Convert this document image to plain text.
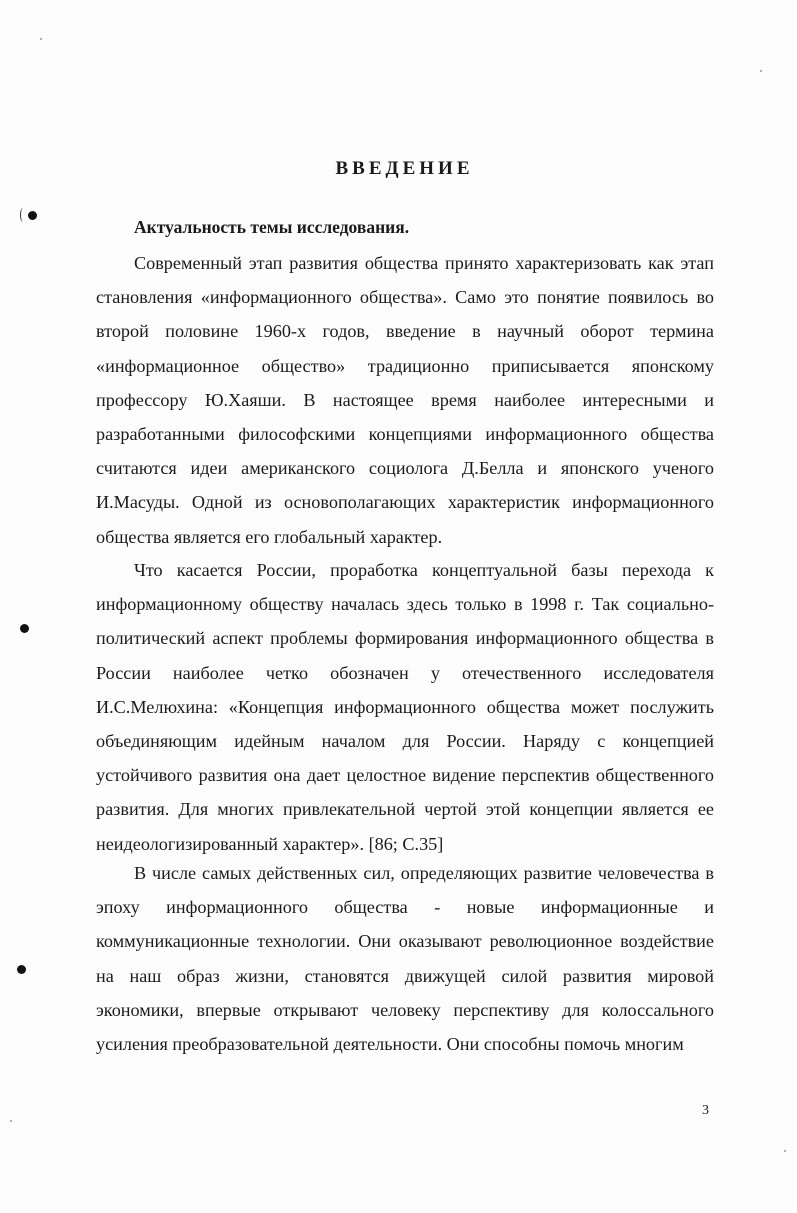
ВВЕДЕНИЕ
Актуальность темы исследования.

Современный этап развития общества принято характеризовать как этап становления «информационного общества». Само это понятие появилось во второй половине 1960-х годов, введение в научный оборот термина «информационное общество» традиционно приписывается японскому профессору Ю.Хаяши. В настоящее время наиболее интересными и разработанными философскими концепциями информационного общества считаются идеи американского социолога Д.Белла и японского ученого И.Масуды. Одной из основополагающих характеристик информационного общества является его глобальный характер.

Что касается России, проработка концептуальной базы перехода к информационному обществу началась здесь только в 1998 г. Так социально-политический аспект проблемы формирования информационного общества в России наиболее четко обозначен у отечественного исследователя И.С.Мелюхина: «Концепция информационного общества может послужить объединяющим идейным началом для России. Наряду с концепцией устойчивого развития она дает целостное видение перспектив общественного развития. Для многих привлекательной чертой этой концепции является ее неидеологизированный характер». [86; С.35]

В числе самых действенных сил, определяющих развитие человечества в эпоху информационного общества - новые информационные и коммуникационные технологии. Они оказывают революционное воздействие на наш образ жизни, становятся движущей силой развития мировой экономики, впервые открывают человеку перспективу для колоссального усиления преобразовательной деятельности. Они способны помочь многим

3
